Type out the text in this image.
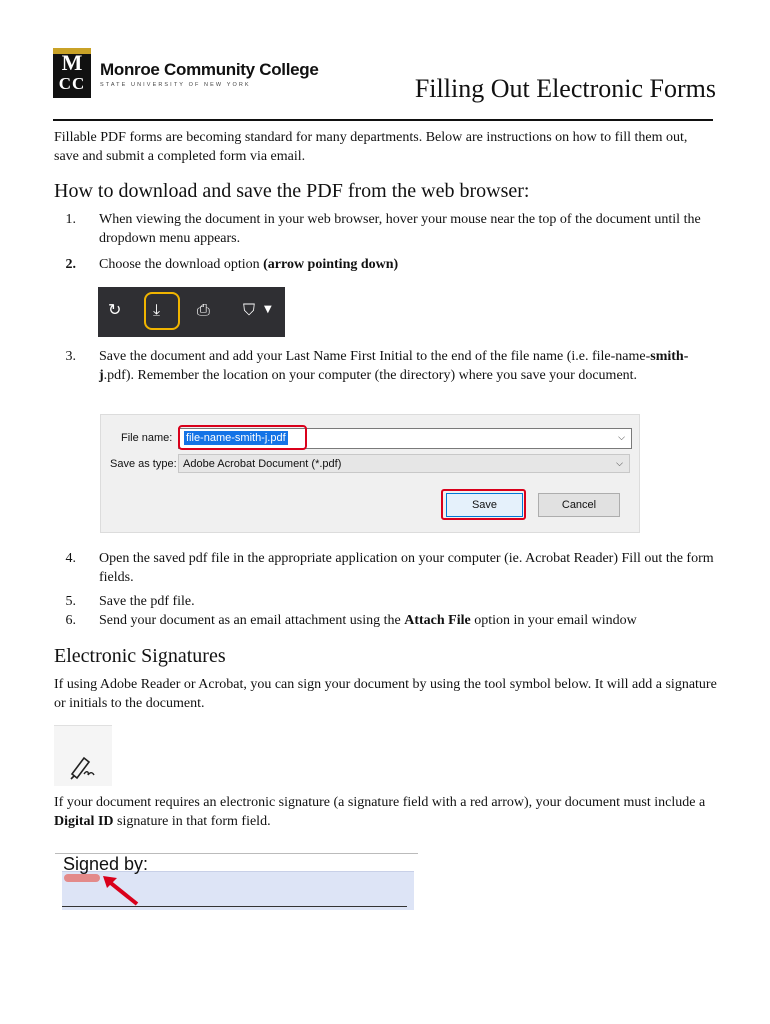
M
CC
Monroe Community College
STATE UNIVERSITY OF NEW YORK	Filling Out Electronic Forms

Fillable PDF forms are becoming standard for many departments. Below are instructions on how to fill them out, save and submit a completed form via email.

How to download and save the PDF from the web browser:
1. When viewing the document in your web browser, hover your mouse near the top of the document until the dropdown menu appears.
2. Choose the download option (arrow pointing down)
↻ ⤓ ⎙ ⛉ ▼
3. Save the document and add your Last Name First Initial to the end of the file name (i.e. file-name-smith-j.pdf). Remember the location on your computer (the directory) where you save your document.
File name: file-name-smith-j.pdf	⌵
Save as type: Adobe Acrobat Document (*.pdf)	⌵
Save	Cancel
4. Open the saved pdf file in the appropriate application on your computer (ie. Acrobat Reader) Fill out the form fields.
5. Save the pdf file.
6. Send your document as an email attachment using the Attach File option in your email window
Electronic Signatures

If using Adobe Reader or Acrobat, you can sign your document by using the tool symbol below. It will add a signature or initials to the document.

If your document requires an electronic signature (a signature field with a red arrow), your document must include a Digital ID signature in that form field.

Signed by:
